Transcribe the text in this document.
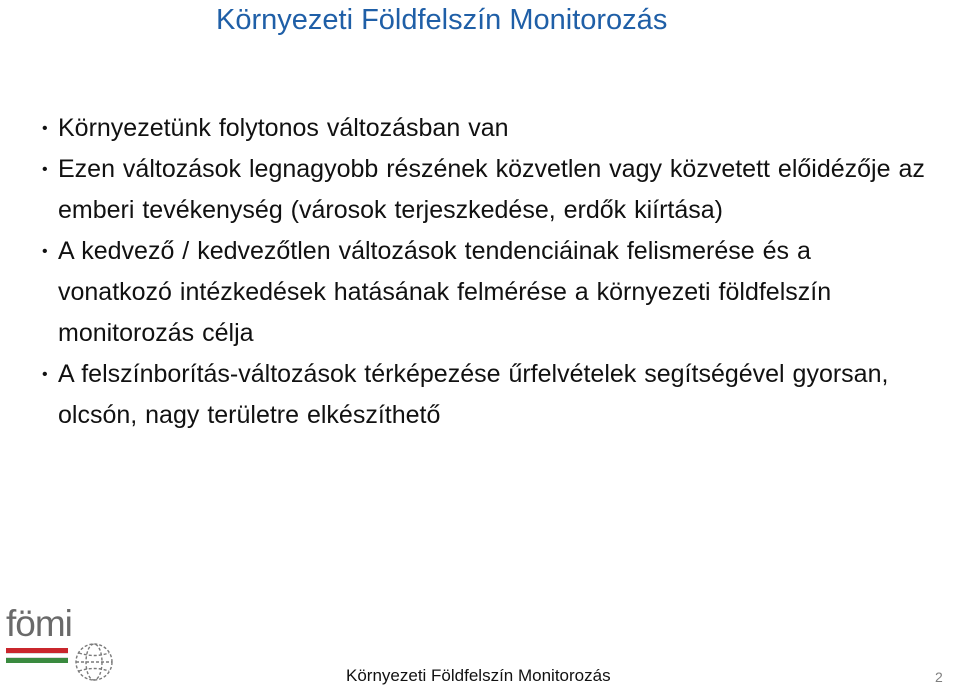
Környezeti Földfelszín Monitorozás
• Környezetünk folytonos változásban van
• Ezen változások legnagyobb részének közvetlen vagy közvetett előidézője az emberi tevékenység (városok terjeszkedése, erdők kiírtása)
• A kedvező / kedvezőtlen változások tendenciáinak felismerése és a vonatkozó intézkedések hatásának felmérése a környezeti földfelszín monitorozás célja
• A felszínborítás-változások térképezése űrfelvételek segítségével gyorsan, olcsón, nagy területre elkészíthető
fömi
Környezeti Földfelszín Monitorozás	2
